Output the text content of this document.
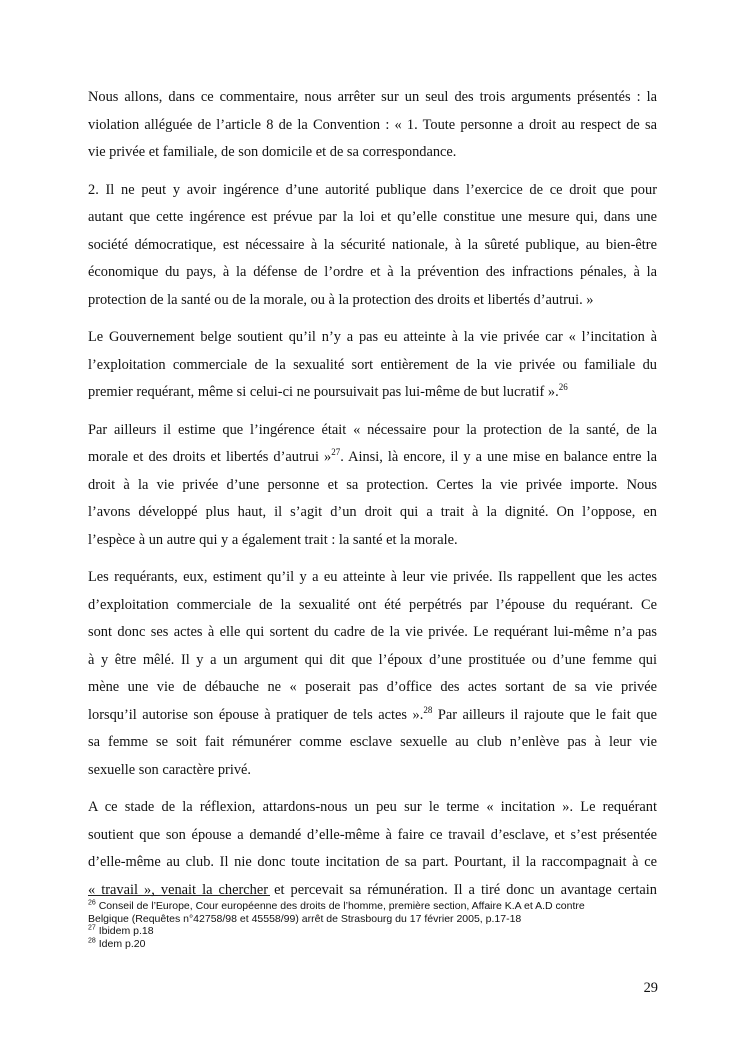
Nous allons, dans ce commentaire, nous arrêter sur un seul des trois arguments présentés : la
violation alléguée de l’article 8 de la Convention : « 1. Toute personne a droit au respect de sa
vie privée et familiale, de son domicile et de sa correspondance.

2. Il ne peut y avoir ingérence d’une autorité publique dans l’exercice de ce droit que pour
autant que cette ingérence est prévue par la loi et qu’elle constitue une mesure qui, dans une
société démocratique, est nécessaire à la sécurité nationale, à la sûreté publique, au bien-être
économique du pays, à la défense de l’ordre et à la prévention des infractions pénales, à la
protection de la santé ou de la morale, ou à la protection des droits et libertés d’autrui. »

Le Gouvernement belge soutient qu’il n’y a pas eu atteinte à la vie privée car « l’incitation à
l’exploitation commerciale de la sexualité sort entièrement de la vie privée ou familiale du
premier requérant, même si celui-ci ne poursuivait pas lui-même de but lucratif ».$^{26}$

Par ailleurs il estime que l’ingérence était « nécessaire pour la protection de la santé, de la
morale et des droits et libertés d’autrui »$^{27}$. Ainsi, là encore, il y a une mise en balance entre la
droit à la vie privée d’une personne et sa protection. Certes la vie privée importe. Nous
l’avons développé plus haut, il s’agit d’un droit qui a trait à la dignité. On l’oppose, en
l’espèce à un autre qui y a également trait : la santé et la morale.

Les requérants, eux, estiment qu’il y a eu atteinte à leur vie privée. Ils rappellent que les actes
d’exploitation commerciale de la sexualité ont été perpétrés par l’épouse du requérant. Ce
sont donc ses actes à elle qui sortent du cadre de la vie privée. Le requérant lui-même n’a pas
à y être mêlé. Il y a un argument qui dit que l’époux d’une prostituée ou d’une femme qui
mène une vie de débauche ne « poserait pas d’office des actes sortant de sa vie privée
lorsqu’il autorise son épouse à pratiquer de tels actes ».$^{28}$ Par ailleurs il rajoute que le fait que
sa femme se soit fait rémunérer comme esclave sexuelle au club n’enlève pas à leur vie
sexuelle son caractère privé.

A ce stade de la réflexion, attardons-nous un peu sur le terme « incitation ». Le requérant
soutient que son épouse a demandé d’elle-même à faire ce travail d’esclave, et s’est présentée
d’elle-même au club. Il nie donc toute incitation de sa part. Pourtant, il la raccompagnait à ce
« travail », venait la chercher et percevait sa rémunération. Il a tiré donc un avantage certain

$^{26}$ Conseil de l’Europe, Cour européenne des droits de l’homme, première section, Affaire K.A et A.D contre
Belgique (Requêtes n°42758/98 et 45558/99) arrêt de Strasbourg du 17 février 2005, p.17-18

$^{27}$ Ibidem p.18

$^{28}$ Idem p.20

29
